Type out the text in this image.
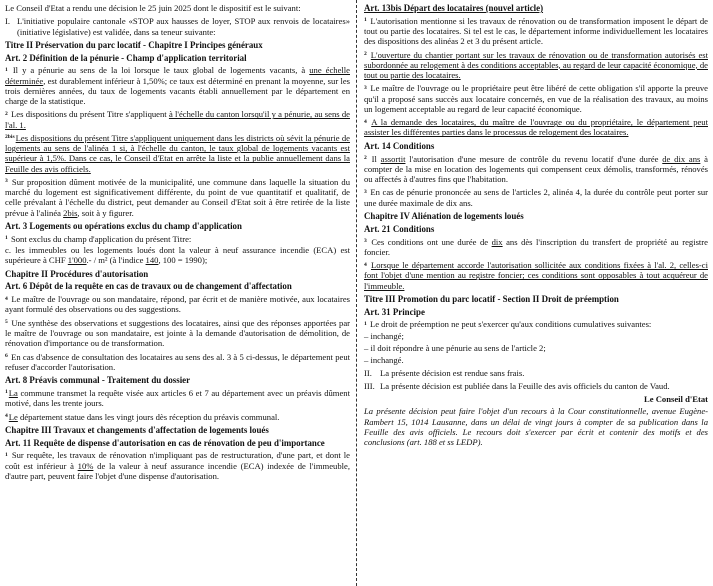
Le Conseil d'Etat a rendu une décision le 25 juin 2025 dont le dispositif est le suivant:

I. L'initiative populaire cantonale «STOP aux hausses de loyer, STOP aux renvois de locataires» (initiative législative) est validée, dans sa teneur suivante:
Titre II Préservation du parc locatif - Chapitre I Principes généraux
Art. 2 Définition de la pénurie - Champ d'application territorial

$^1$ Il y a pénurie au sens de la loi lorsque le taux global de logements vacants, à une échelle déterminée, est durablement inférieur à 1,50%; ce taux est déterminé en prenant la moyenne, sur les trois dernières années, du taux de logements vacants établi annuellement par le département en charge de la statistique.

$^2$ Les dispositions du présent Titre s'appliquent à l'échelle du canton lorsqu'il y a pénurie, au sens de l'al. 1.

$^{2bis}$Les dispositions du présent Titre s'appliquent uniquement dans les districts où sévit la pénurie de logements au sens de l'alinéa 1 si, à l'échelle du canton, le taux global de logements vacants est supérieur à 1,5%. Dans ce cas, le Conseil d'Etat en arrête la liste et la publie annuellement dans la Feuille des avis officiels.

$^3$ Sur proposition dûment motivée de la municipalité, une commune dans laquelle la situation du marché du logement est significativement différente, du point de vue quantitatif et qualitatif, de celle prévalant à l'échelle du district, peut demander au Conseil d'Etat soit à être retirée de la liste prévue à l'alinéa 2bis, soit à y figurer.

Art. 3 Logements ou opérations exclus du champ d'application

$^1$ Sont exclus du champ d'application du présent Titre:

c. les immeubles ou les logements loués dont la valeur à neuf assurance incendie (ECA) est supérieure à CHF 1'000.- / m² (à l'indice 140, 100 = 1990);

Chapitre II Procédures d'autorisation
Art. 6 Dépôt de la requête en cas de travaux ou de changement d'affectation

$^4$ Le maître de l'ouvrage ou son mandataire, répond, par écrit et de manière motivée, aux locataires ayant formulé des observations ou des suggestions.

$^5$ Une synthèse des observations et suggestions des locataires, ainsi que des réponses apportées par le maître de l'ouvrage ou son mandataire, est jointe à la demande d'autorisation de démolition, de rénovation d'importance ou de transformation.

$^6$ En cas d'absence de consultation des locataires au sens des al. 3 à 5 ci-dessus, le département peut refuser d'accorder l'autorisation.

Art. 8 Préavis communal - Traitement du dossier

$^1$La commune transmet la requête visée aux articles 6 et 7 au département avec un préavis dûment motivé, dans les trente jours.

$^4$Le département statue dans les vingt jours dès réception du préavis communal.

Chapitre III Travaux et changements d'affectation de logements loués
Art. 11 Requête de dispense d'autorisation en cas de rénovation de peu d'importance

$^1$ Sur requête, les travaux de rénovation n'impliquant pas de restructuration, d'une part, et dont le coût est inférieur à 10% de la valeur à neuf assurance incendie (ECA) indexée de l'immeuble, d'autre part, peuvent faire l'objet d'une dispense d'autorisation.

Art. 13bis Départ des locataires (nouvel article)

$^1$ L'autorisation mentionne si les travaux de rénovation ou de transformation imposent le départ de tout ou partie des locataires. Si tel est le cas, le département informe individuellement les locataires des dispositions des alinéas 2 et 3 du présent article.

$^2$ L'ouverture du chantier portant sur les travaux de rénovation ou de transformation autorisés est subordonnée au relogement à des conditions acceptables, au regard de leur capacité économique, de tout ou partie des locataires.

$^3$ Le maître de l'ouvrage ou le propriétaire peut être libéré de cette obligation s'il apporte la preuve qu'il a proposé sans succès aux locataire concernés, en vue de la réalisation des travaux, au moins un logement acceptable au regard de leur capacité économique.

$^4$ A la demande des locataires, du maître de l'ouvrage ou du propriétaire, le département peut assister les différentes parties dans le processus de relogement des locataires.

Art. 14 Conditions

$^2$ Il assortit l'autorisation d'une mesure de contrôle du revenu locatif d'une durée de dix ans à compter de la mise en location des logements qui compensent ceux démolis, transformés, rénovés ou affectés à d'autres fins que l'habitation.

$^3$ En cas de pénurie prononcée au sens de l'articles 2, alinéa 4, la durée du contrôle peut porter sur une durée maximale de dix ans.

Chapitre IV Aliénation de logements loués
Art. 21 Conditions

$^3$ Ces conditions ont une durée de dix ans dès l'inscription du transfert de propriété au registre foncier.

$^4$ Lorsque le département accorde l'autorisation sollicitée aux conditions fixées à l'al. 2, celles-ci font l'objet d'une mention au registre foncier; ces conditions sont opposables à tout acquéreur de l'immeuble.

Titre III Promotion du parc locatif - Section II Droit de préemption
Art. 31 Principe

$^1$ Le droit de préemption ne peut s'exercer qu'aux conditions cumulatives suivantes:

– inchangé;
– il doit répondre à une pénurie au sens de l'article 2;
– inchangé.
II. La présente décision est rendue sans frais.
III. La présente décision est publiée dans la Feuille des avis officiels du canton de Vaud.
Le Conseil d'Etat

La présente décision peut faire l'objet d'un recours à la Cour constitutionnelle, avenue Eugène-Rambert 15, 1014 Lausanne, dans un délai de vingt jours à compter de sa publication dans la Feuille des avis officiels. Le recours doit s'exercer par écrit et contenir des motifs et des conclusions (art. 188 et ss LEDP).
